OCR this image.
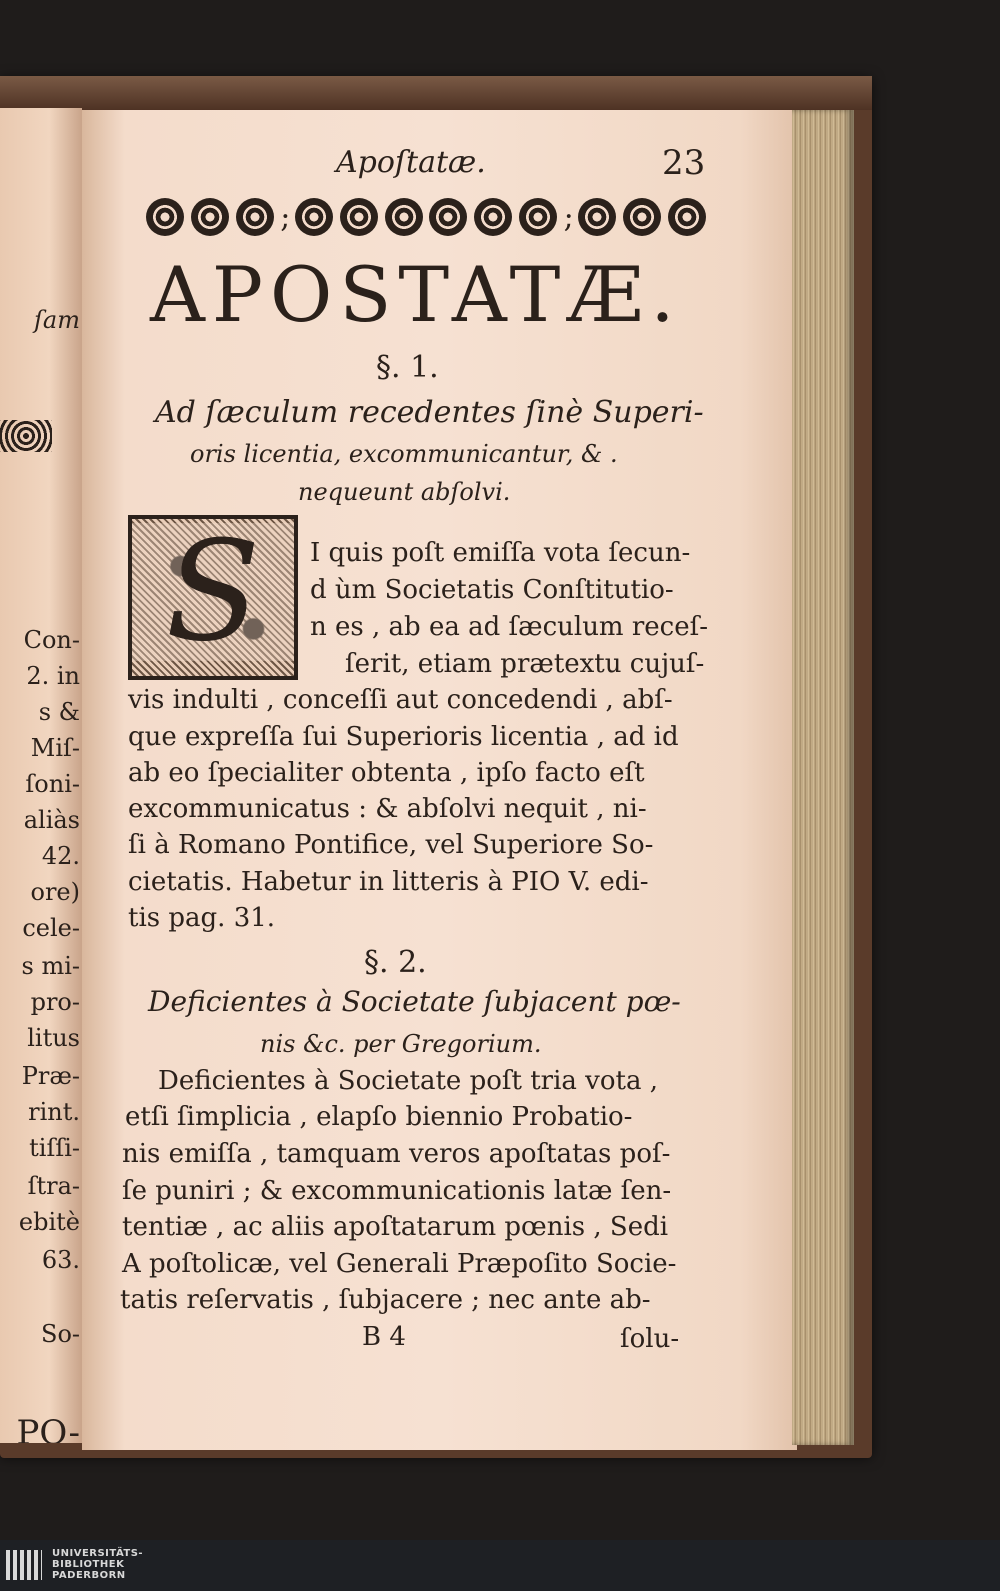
ſam
Con-
2. in
s &
Miſ-
ſoni-
aliàs
42.
ore)
cele-
s mi-
pro-
litus
Præ-
rint.
tiſſi-
ſtra-
ebitè
63.
So-
PO-
Apoſtatæ.	23
;	;
APOSTATÆ.
§. 1.
Ad ſæculum recedentes ſinè Superi-
oris licentia, excommunicantur, & .
nequeunt abſolvi.
S	I quis poſt emiſſa vota ſecun-
d ùm Societatis Conſtitutio-
n es , ab ea ad ſæculum receſ-
ſerit, etiam prætextu cujuſ-
vis indulti , conceſſi aut concedendi , abſ-
que expreſſa ſui Superioris licentia , ad id
ab eo ſpecialiter obtenta , ipſo facto eſt
excommunicatus : & abſolvi nequit , ni-
ſi à Romano Pontifice, vel Superiore So-
cietatis. Habetur in litteris à PIO V. edi-
tis pag. 31.
§. 2.
Deficientes à Societate ſubjacent pœ-
nis &c. per Gregorium.
Deficientes à Societate poſt tria vota ,
etſi ſimplicia , elapſo biennio Probatio-
nis emiſſa , tamquam veros apoſtatas poſ-
ſe puniri ; & excommunicationis latæ ſen-
tentiæ , ac aliis apoſtatarum pœnis , Sedi
A poſtolicæ, vel Generali Præpoſito Socie-
tatis reſervatis , ſubjacere ; nec ante ab-
B 4	ſolu-
UNIVERSITÄTS-
BIBLIOTHEK
PADERBORN
